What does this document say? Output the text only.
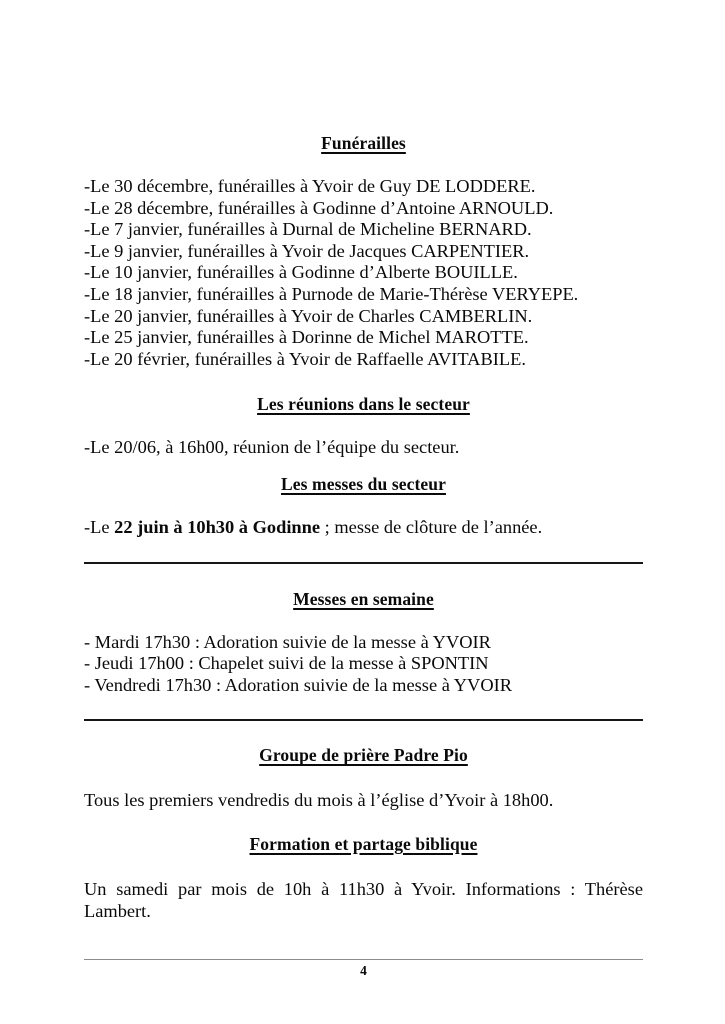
Funérailles
-Le 30 décembre, funérailles à Yvoir de Guy DE LODDERE.
-Le 28 décembre, funérailles à Godinne d’Antoine ARNOULD.
-Le 7 janvier, funérailles à Durnal de Micheline BERNARD.
-Le 9 janvier, funérailles à Yvoir de Jacques CARPENTIER.
-Le 10 janvier, funérailles à Godinne d’Alberte BOUILLE.
-Le 18 janvier, funérailles à Purnode de Marie-Thérèse VERYEPE.
-Le 20 janvier, funérailles à Yvoir de Charles CAMBERLIN.
-Le 25 janvier, funérailles à Dorinne de Michel MAROTTE.
-Le 20 février, funérailles à Yvoir de Raffaelle AVITABILE.
Les réunions dans le secteur
-Le 20/06, à 16h00, réunion de l’équipe du secteur.
Les messes du secteur
-Le 22 juin à 10h30 à Godinne ; messe de clôture de l’année.
Messes en semaine
- Mardi 17h30 : Adoration suivie de la messe à YVOIR
- Jeudi 17h00 : Chapelet suivi de la messe à SPONTIN
- Vendredi 17h30 : Adoration suivie de la messe à YVOIR
Groupe de prière Padre Pio
Tous les premiers vendredis du mois à l’église d’Yvoir à 18h00.
Formation et partage biblique
Un samedi par mois de 10h à 11h30 à Yvoir. Informations : Thérèse Lambert.
4
